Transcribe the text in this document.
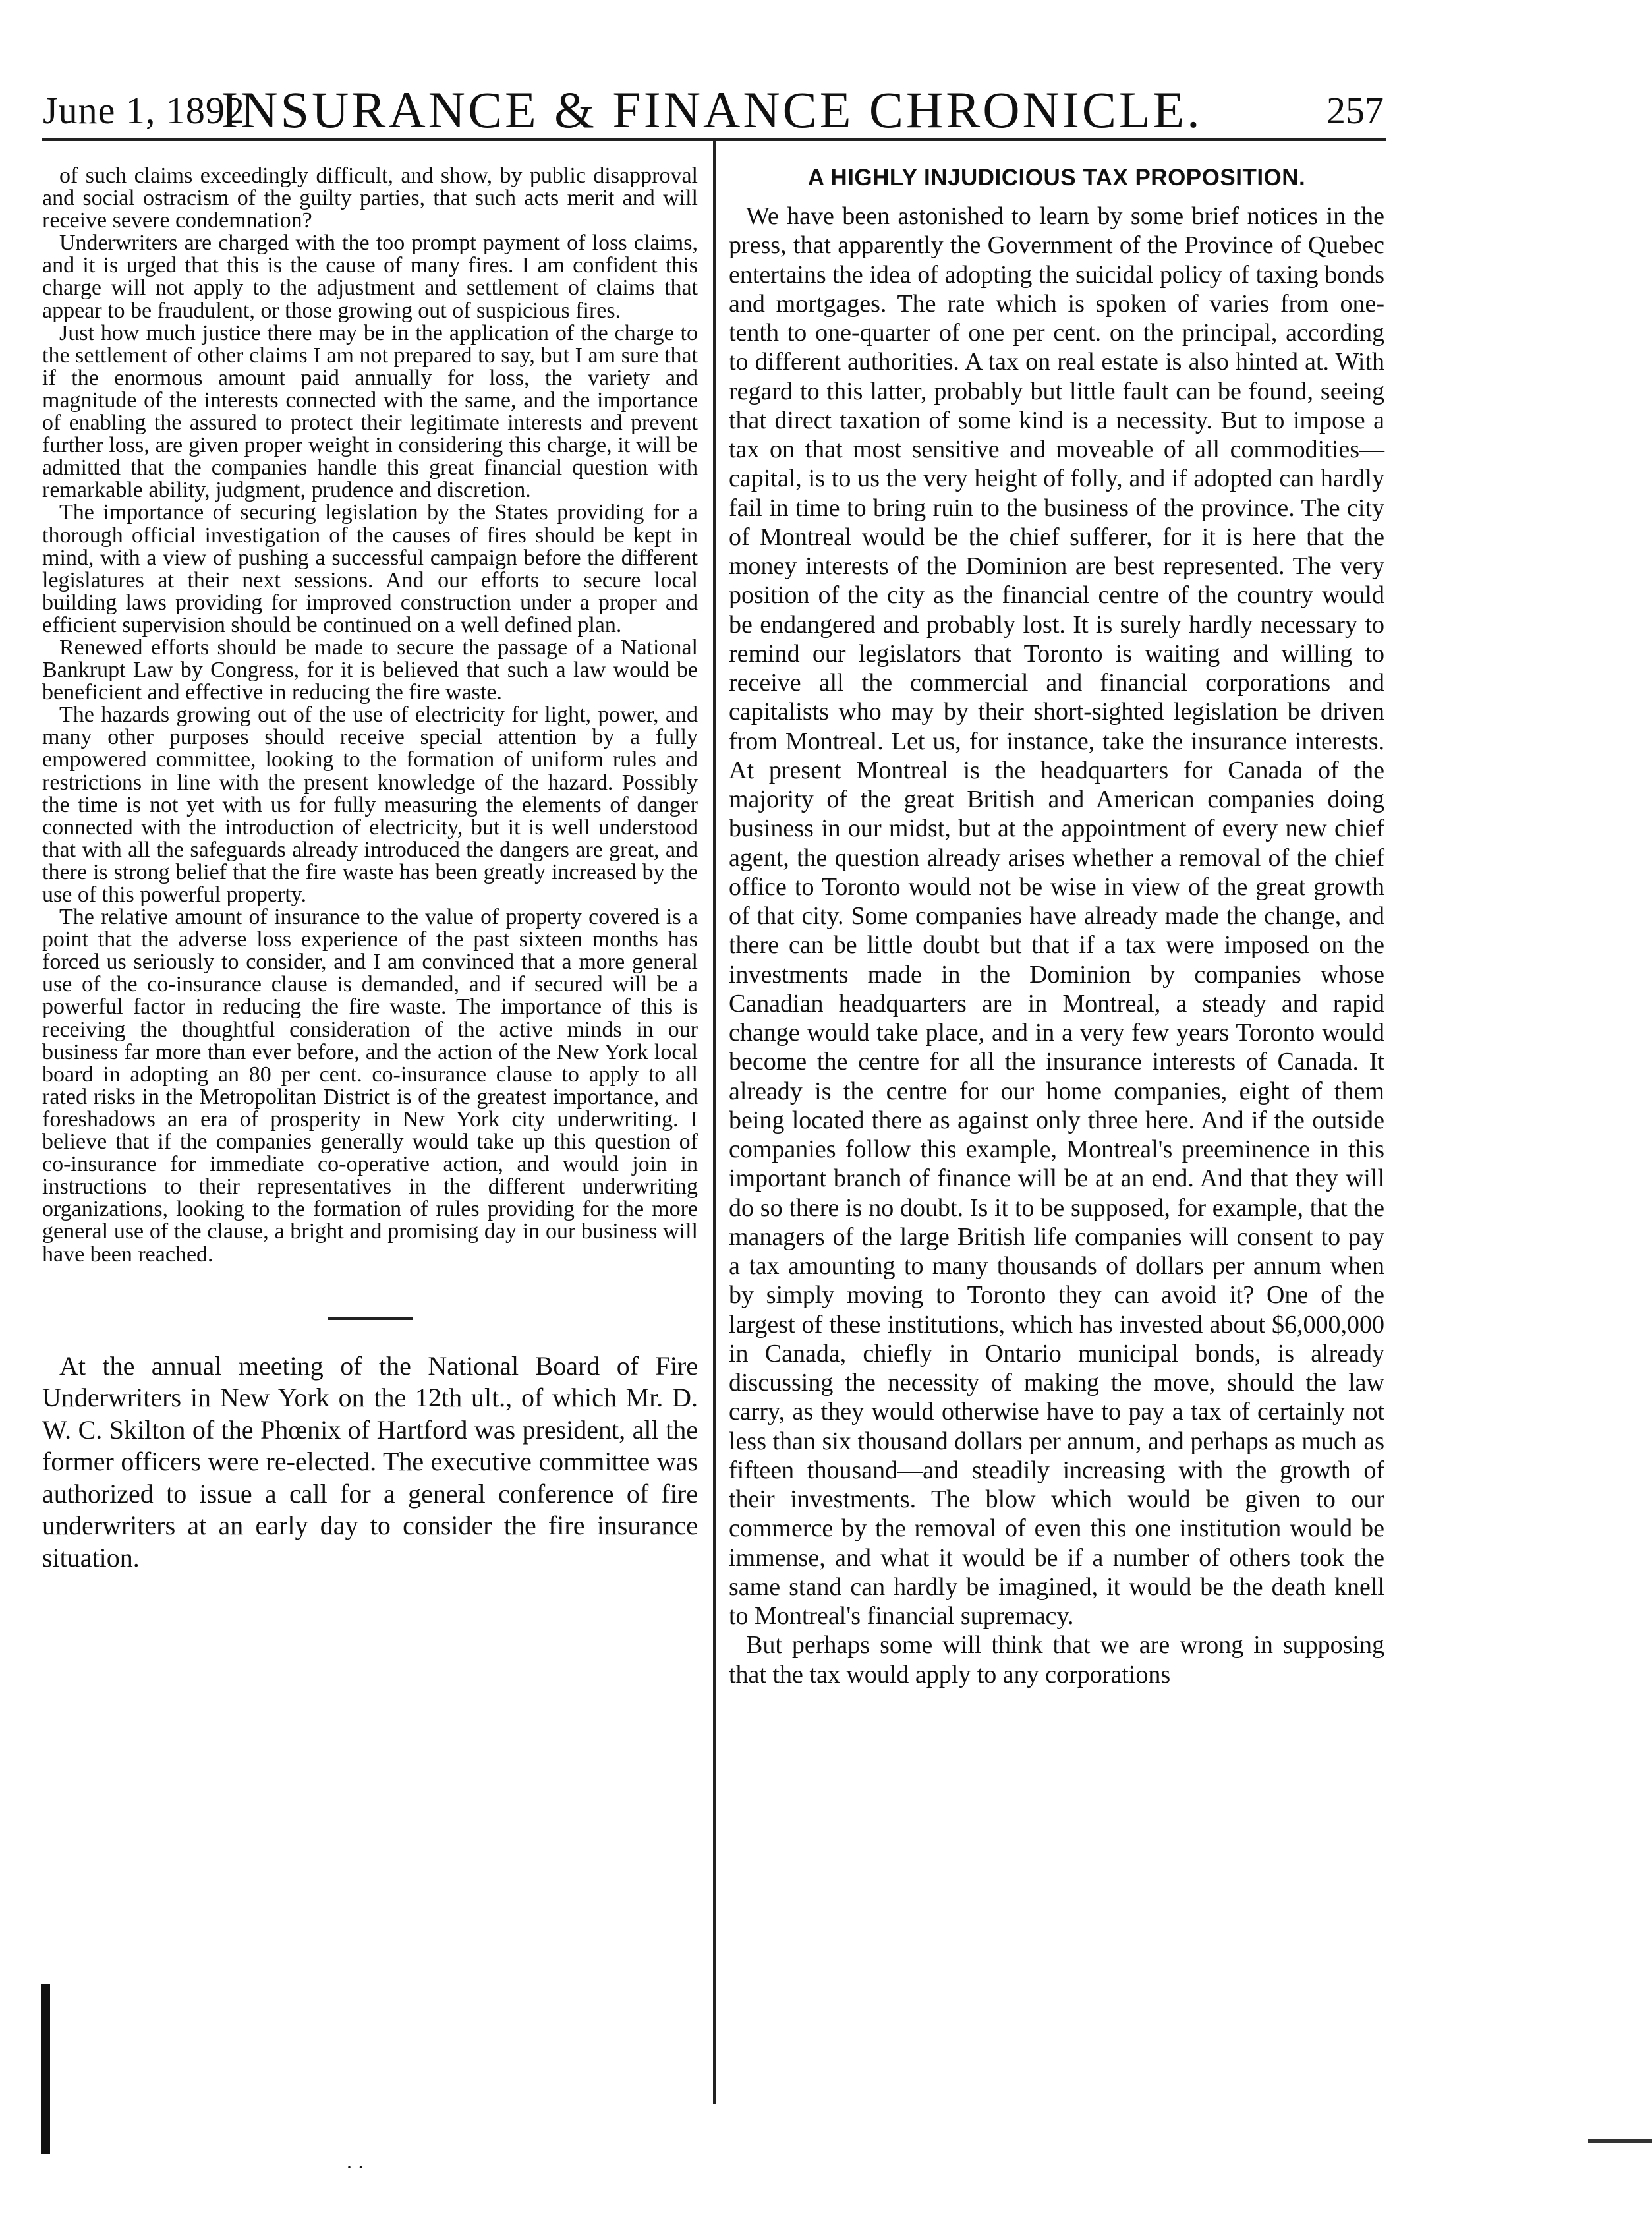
June 1, 1892
INSURANCE & FINANCE CHRONICLE.	257

of such claims exceedingly difficult, and show, by public disapproval and social ostracism of the guilty parties, that such acts merit and will receive severe condemnation?

Underwriters are charged with the too prompt payment of loss claims, and it is urged that this is the cause of many fires. I am confident this charge will not apply to the adjustment and settlement of claims that appear to be fraudulent, or those growing out of suspicious fires.

Just how much justice there may be in the application of the charge to the settlement of other claims I am not prepared to say, but I am sure that if the enormous amount paid annually for loss, the variety and magnitude of the interests connected with the same, and the importance of enabling the assured to protect their legitimate interests and prevent further loss, are given proper weight in considering this charge, it will be admitted that the companies handle this great financial question with remarkable ability, judgment, prudence and discretion.

The importance of securing legislation by the States providing for a thorough official investigation of the causes of fires should be kept in mind, with a view of pushing a successful campaign before the different legislatures at their next sessions. And our efforts to secure local building laws providing for improved construction under a proper and efficient supervision should be continued on a well defined plan.

Renewed efforts should be made to secure the passage of a National Bankrupt Law by Congress, for it is believed that such a law would be beneficient and effective in reducing the fire waste.

The hazards growing out of the use of electricity for light, power, and many other purposes should receive special attention by a fully empowered committee, looking to the formation of uniform rules and restrictions in line with the present knowledge of the hazard. Possibly the time is not yet with us for fully measuring the elements of danger connected with the introduction of electricity, but it is well understood that with all the safeguards already introduced the dangers are great, and there is strong belief that the fire waste has been greatly increased by the use of this powerful property.

The relative amount of insurance to the value of property covered is a point that the adverse loss experience of the past sixteen months has forced us seriously to consider, and I am convinced that a more general use of the co-insurance clause is demanded, and if secured will be a powerful factor in reducing the fire waste. The importance of this is receiving the thoughtful consideration of the active minds in our business far more than ever before, and the action of the New York local board in adopting an 80 per cent. co-insurance clause to apply to all rated risks in the Metropolitan District is of the greatest importance, and foreshadows an era of prosperity in New York city underwriting. I believe that if the companies generally would take up this question of co-insurance for immediate co-operative action, and would join in instructions to their representatives in the different underwriting organizations, looking to the formation of rules providing for the more general use of the clause, a bright and promising day in our business will have been reached.

At the annual meeting of the National Board of Fire Underwriters in New York on the 12th ult., of which Mr. D. W. C. Skilton of the Phœnix of Hartford was president, all the former officers were re-elected. The executive committee was authorized to issue a call for a general conference of fire underwriters at an early day to consider the fire insurance situation.

A HIGHLY INJUDICIOUS TAX PROPOSITION.

We have been astonished to learn by some brief notices in the press, that apparently the Government of the Province of Quebec entertains the idea of adopting the suicidal policy of taxing bonds and mortgages. The rate which is spoken of varies from one-tenth to one-quarter of one per cent. on the principal, according to different authorities. A tax on real estate is also hinted at. With regard to this latter, probably but little fault can be found, seeing that direct taxation of some kind is a necessity. But to impose a tax on that most sensitive and moveable of all commodities—capital, is to us the very height of folly, and if adopted can hardly fail in time to bring ruin to the business of the province. The city of Montreal would be the chief sufferer, for it is here that the money interests of the Dominion are best represented. The very position of the city as the financial centre of the country would be endangered and probably lost. It is surely hardly necessary to remind our legislators that Toronto is waiting and willing to receive all the commercial and financial corporations and capitalists who may by their short-sighted legislation be driven from Montreal. Let us, for instance, take the insurance interests. At present Montreal is the headquarters for Canada of the majority of the great British and American companies doing business in our midst, but at the appointment of every new chief agent, the question already arises whether a removal of the chief office to Toronto would not be wise in view of the great growth of that city. Some companies have already made the change, and there can be little doubt but that if a tax were imposed on the investments made in the Dominion by companies whose Canadian headquarters are in Montreal, a steady and rapid change would take place, and in a very few years Toronto would become the centre for all the insurance interests of Canada. It already is the centre for our home companies, eight of them being located there as against only three here. And if the outside companies follow this example, Montreal's preeminence in this important branch of finance will be at an end. And that they will do so there is no doubt. Is it to be supposed, for example, that the managers of the large British life companies will consent to pay a tax amounting to many thousands of dollars per annum when by simply moving to Toronto they can avoid it? One of the largest of these institutions, which has invested about $6,000,000 in Canada, chiefly in Ontario municipal bonds, is already discussing the necessity of making the move, should the law carry, as they would otherwise have to pay a tax of certainly not less than six thousand dollars per annum, and perhaps as much as fifteen thousand—and steadily increasing with the growth of their investments. The blow which would be given to our commerce by the removal of even this one institution would be immense, and what it would be if a number of others took the same stand can hardly be imagined, it would be the death knell to Montreal's financial supremacy.

But perhaps some will think that we are wrong in supposing that the tax would apply to any corporations

· ·
